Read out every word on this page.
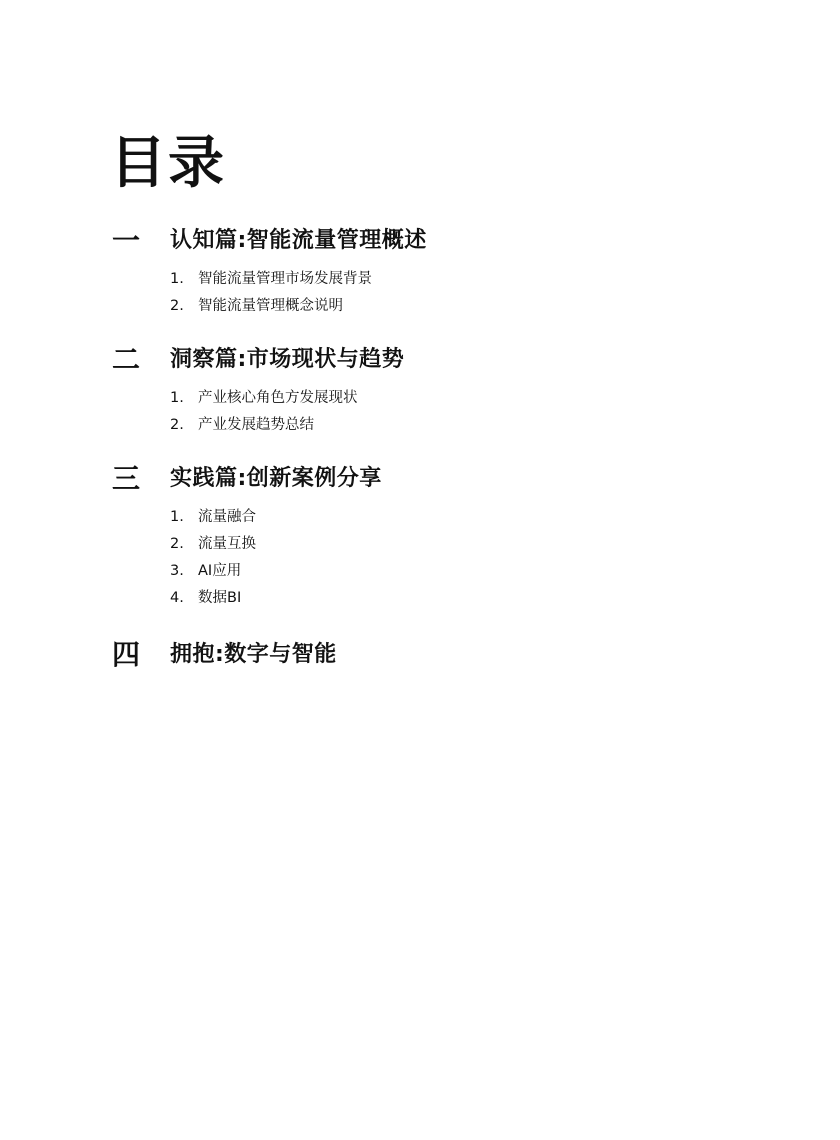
目录
一	认知篇:智能流量管理概述
1. 智能流量管理市场发展背景
2. 智能流量管理概念说明
二	洞察篇:市场现状与趋势
1. 产业核心角色方发展现状
2. 产业发展趋势总结
三	实践篇:创新案例分享
1. 流量融合
2. 流量互换
3. AI应用
4. 数据BI
四	拥抱:数字与智能
